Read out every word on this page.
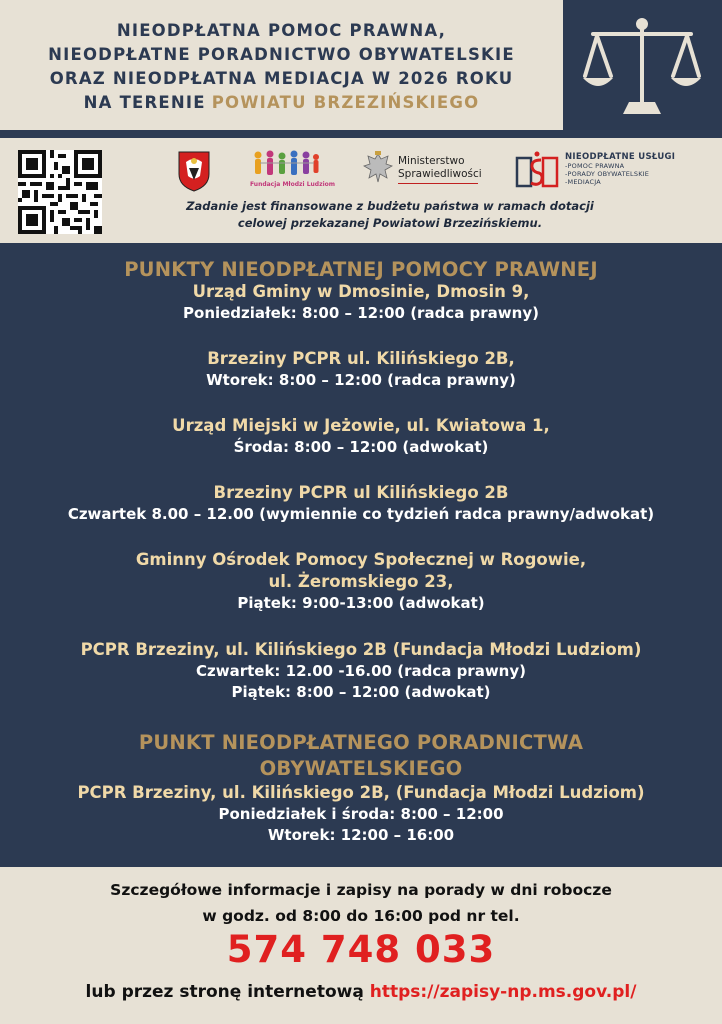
NIEODPŁATNA POMOC PRAWNA,
NIEODPŁATNE PORADNICTWO OBYWATELSKIE
ORAZ NIEODPŁATNA MEDIACJA W 2026 ROKU
NA TERENIE POWIATU BRZEZIŃSKIEGO
Fundacja Młodzi Ludziom
Ministerstwo
Sprawiedliwości
NIEODPŁATNE USŁUGI
-POMOC PRAWNA
-PORADY OBYWATELSKIE
-MEDIACJA
Zadanie jest finansowane z budżetu państwa w ramach dotacji
celowej przekazanej Powiatowi Brzezińskiemu.
PUNKTY NIEODPŁATNEJ POMOCY PRAWNEJ
Urząd Gminy w Dmosinie, Dmosin 9,
Poniedziałek: 8:00 – 12:00 (radca prawny)
Brzeziny PCPR ul. Kilińskiego 2B,
Wtorek: 8:00 – 12:00 (radca prawny)
Urząd Miejski w Jeżowie, ul. Kwiatowa 1,
Środa: 8:00 – 12:00 (adwokat)
Brzeziny PCPR ul Kilińskiego 2B
Czwartek 8.00 – 12.00 (wymiennie co tydzień radca prawny/adwokat)
Gminny Ośrodek Pomocy Społecznej w Rogowie,
ul. Żeromskiego 23,
Piątek: 9:00-13:00 (adwokat)
PCPR Brzeziny, ul. Kilińskiego 2B (Fundacja Młodzi Ludziom)
Czwartek: 12.00 -16.00 (radca prawny)
Piątek: 8:00 – 12:00 (adwokat)
PUNKT NIEODPŁATNEGO PORADNICTWA
OBYWATELSKIEGO
PCPR Brzeziny, ul. Kilińskiego 2B, (Fundacja Młodzi Ludziom)
Poniedziałek i środa: 8:00 – 12:00
Wtorek: 12:00 – 16:00
Szczegółowe informacje i zapisy na porady w dni robocze
w godz. od 8:00 do 16:00 pod nr tel.
574 748 033
lub przez stronę internetową https://zapisy-np.ms.gov.pl/
